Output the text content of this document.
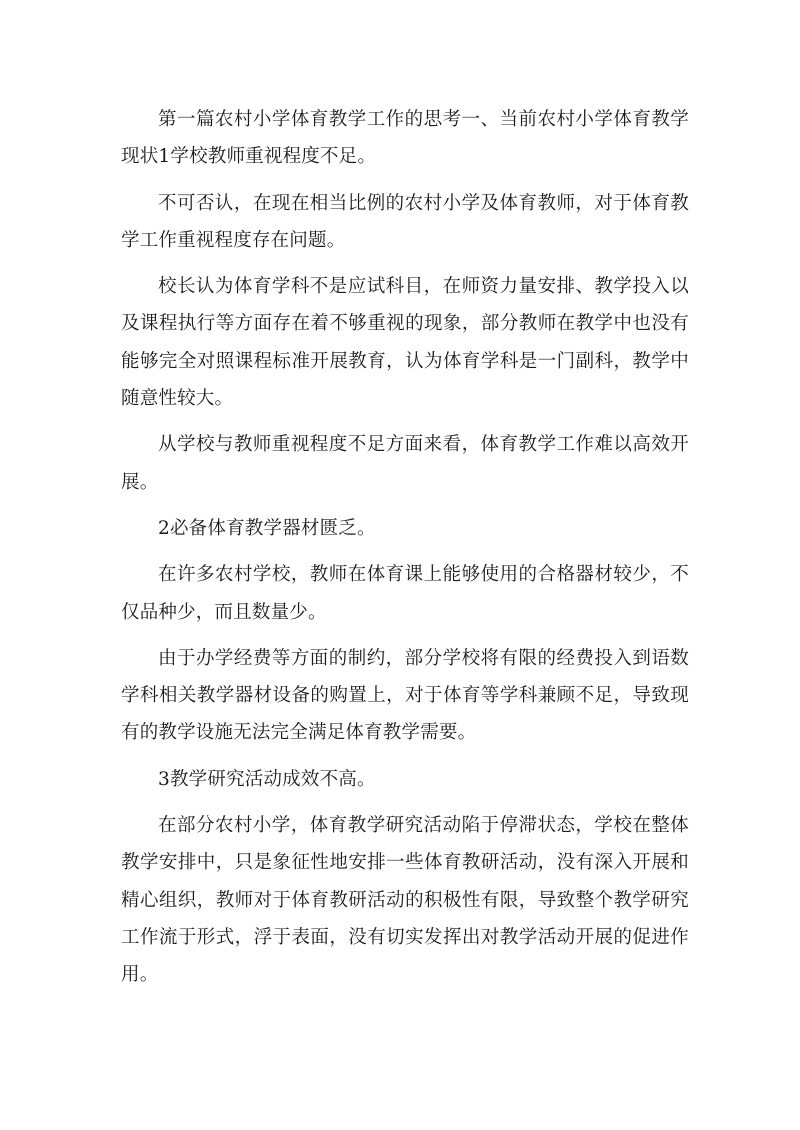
第一篇农村小学体育教学工作的思考一、当前农村小学体育教学现状1学校教师重视程度不足。

不可否认，在现在相当比例的农村小学及体育教师，对于体育教学工作重视程度存在问题。

校长认为体育学科不是应试科目，在师资力量安排、教学投入以及课程执行等方面存在着不够重视的现象，部分教师在教学中也没有能够完全对照课程标准开展教育，认为体育学科是一门副科，教学中随意性较大。

从学校与教师重视程度不足方面来看，体育教学工作难以高效开展。

2必备体育教学器材匮乏。

在许多农村学校，教师在体育课上能够使用的合格器材较少，不仅品种少，而且数量少。

由于办学经费等方面的制约，部分学校将有限的经费投入到语数学科相关教学器材设备的购置上，对于体育等学科兼顾不足，导致现有的教学设施无法完全满足体育教学需要。

3教学研究活动成效不高。

在部分农村小学，体育教学研究活动陷于停滞状态，学校在整体教学安排中，只是象征性地安排一些体育教研活动，没有深入开展和精心组织，教师对于体育教研活动的积极性有限，导致整个教学研究工作流于形式，浮于表面，没有切实发挥出对教学活动开展的促进作用。
